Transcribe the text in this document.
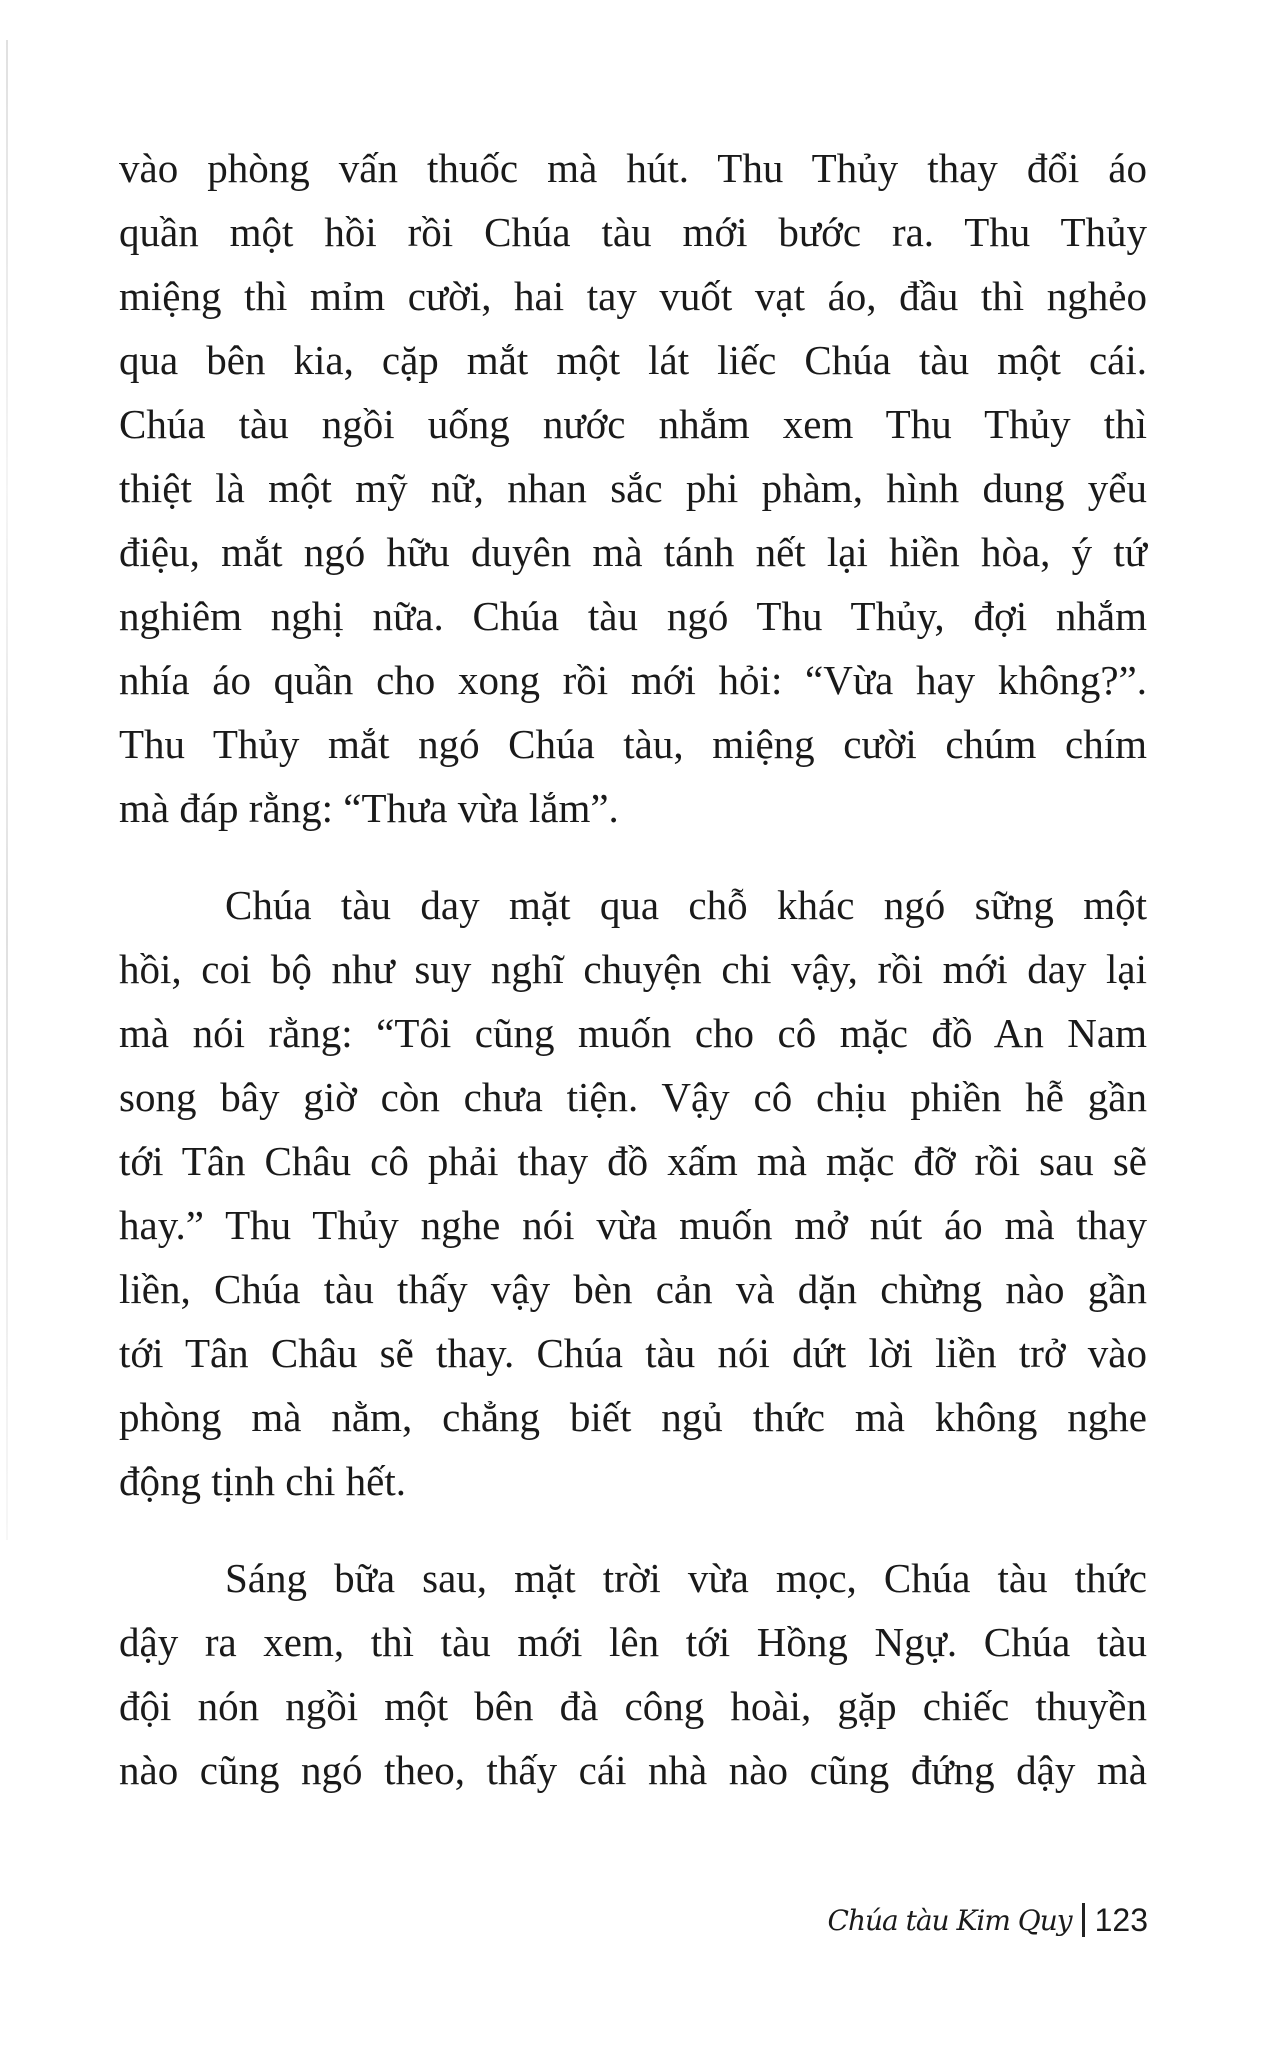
vào phòng vấn thuốc mà hút. Thu Thủy thay đổi áo
quần một hồi rồi Chúa tàu mới bước ra. Thu Thủy
miệng thì mỉm cười, hai tay vuốt vạt áo, đầu thì nghẻo
qua bên kia, cặp mắt một lát liếc Chúa tàu một cái.
Chúa tàu ngồi uống nước nhắm xem Thu Thủy thì
thiệt là một mỹ nữ, nhan sắc phi phàm, hình dung yểu
điệu, mắt ngó hữu duyên mà tánh nết lại hiền hòa, ý tứ
nghiêm nghị nữa. Chúa tàu ngó Thu Thủy, đợi nhắm
nhía áo quần cho xong rồi mới hỏi: “Vừa hay không?”.
Thu Thủy mắt ngó Chúa tàu, miệng cười chúm chím
mà đáp rằng: “Thưa vừa lắm”.
Chúa tàu day mặt qua chỗ khác ngó sững một
hồi, coi bộ như suy nghĩ chuyện chi vậy, rồi mới day lại
mà nói rằng: “Tôi cũng muốn cho cô mặc đồ An Nam
song bây giờ còn chưa tiện. Vậy cô chịu phiền hễ gần
tới Tân Châu cô phải thay đồ xấm mà mặc đỡ rồi sau sẽ
hay.” Thu Thủy nghe nói vừa muốn mở nút áo mà thay
liền, Chúa tàu thấy vậy bèn cản và dặn chừng nào gần
tới Tân Châu sẽ thay. Chúa tàu nói dứt lời liền trở vào
phòng mà nằm, chẳng biết ngủ thức mà không nghe
động tịnh chi hết.
Sáng bữa sau, mặt trời vừa mọc, Chúa tàu thức
dậy ra xem, thì tàu mới lên tới Hồng Ngự. Chúa tàu
đội nón ngồi một bên đà công hoài, gặp chiếc thuyền
nào cũng ngó theo, thấy cái nhà nào cũng đứng dậy mà
Chúa tàu Kim Quy 123
